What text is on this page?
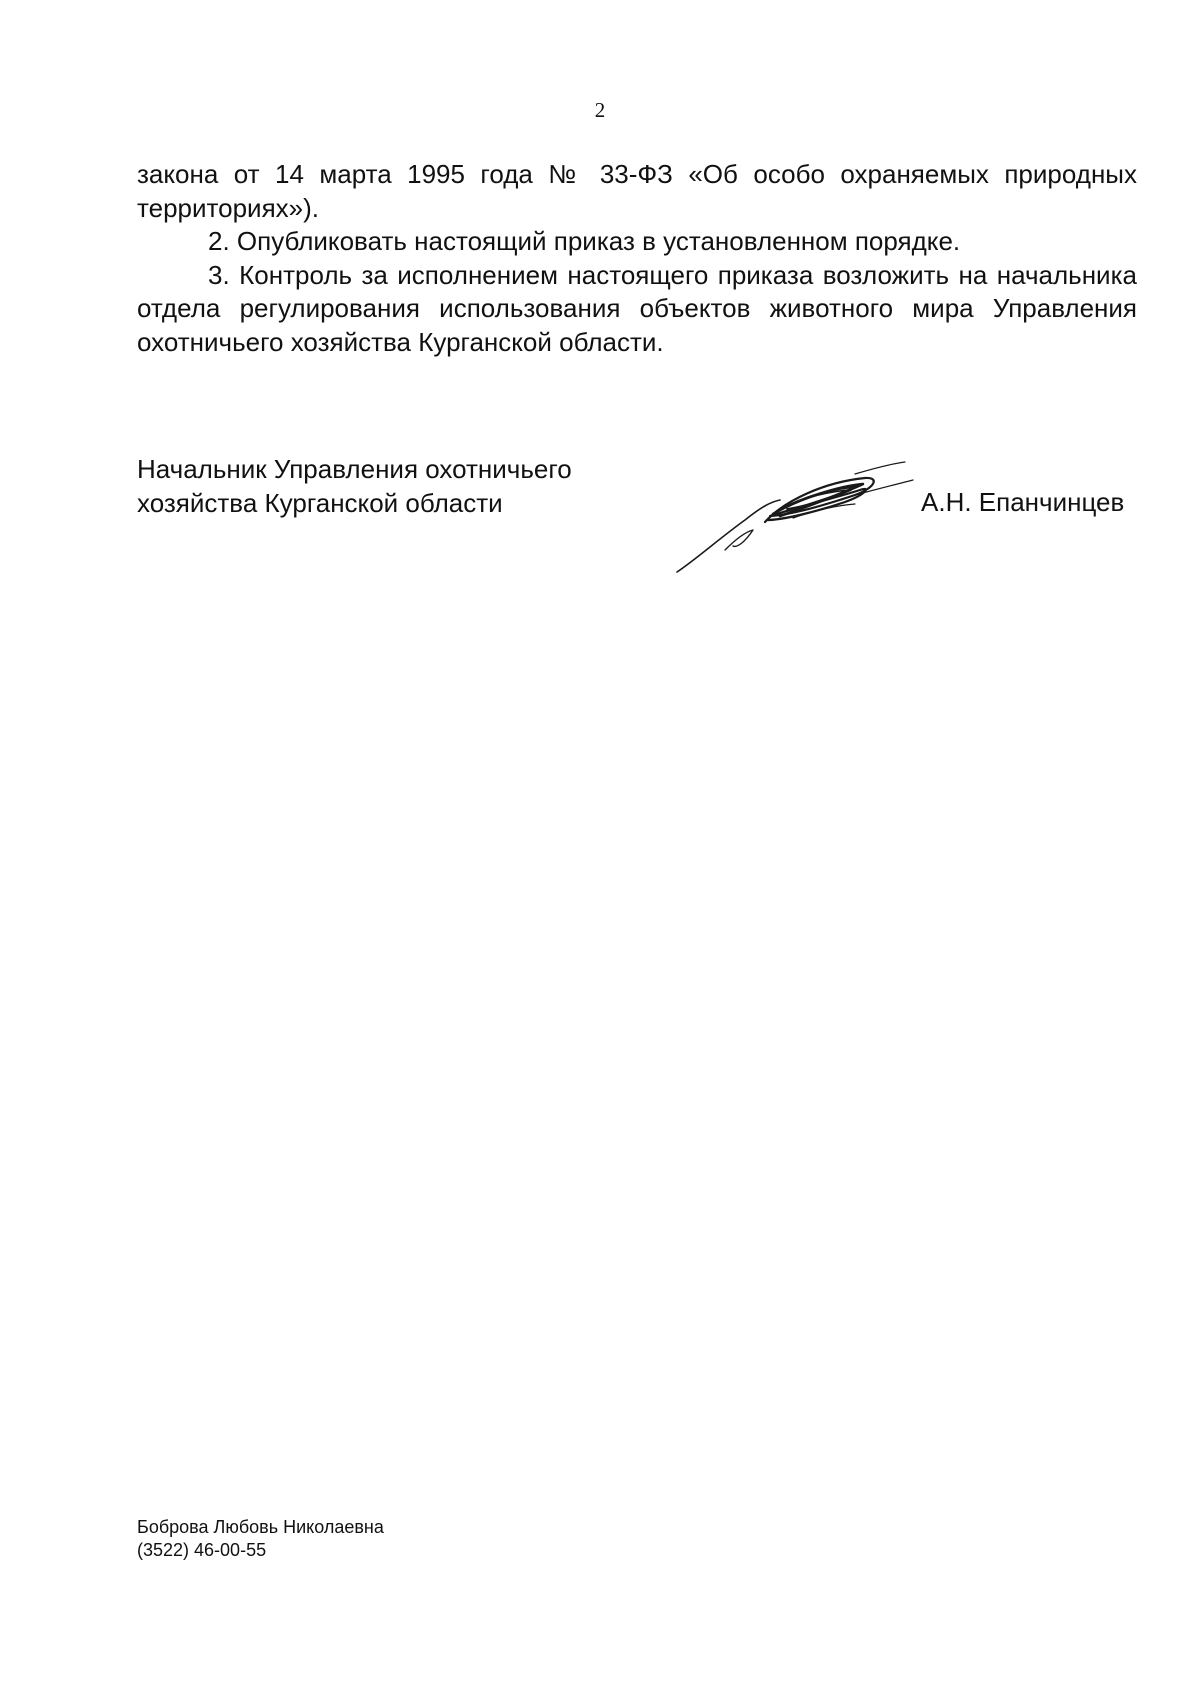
2

закона от 14 марта 1995 года № 33-ФЗ «Об особо охраняемых природных территориях»).

2. Опубликовать настоящий приказ в установленном порядке.

3. Контроль за исполнением настоящего приказа возложить на начальника отдела регулирования использования объектов животного мира Управления охотничьего хозяйства Курганской области.

Начальник Управления охотничьего
хозяйства Курганской области	А.Н. Епанчинцев
Боброва Любовь Николаевна
(3522) 46-00-55
